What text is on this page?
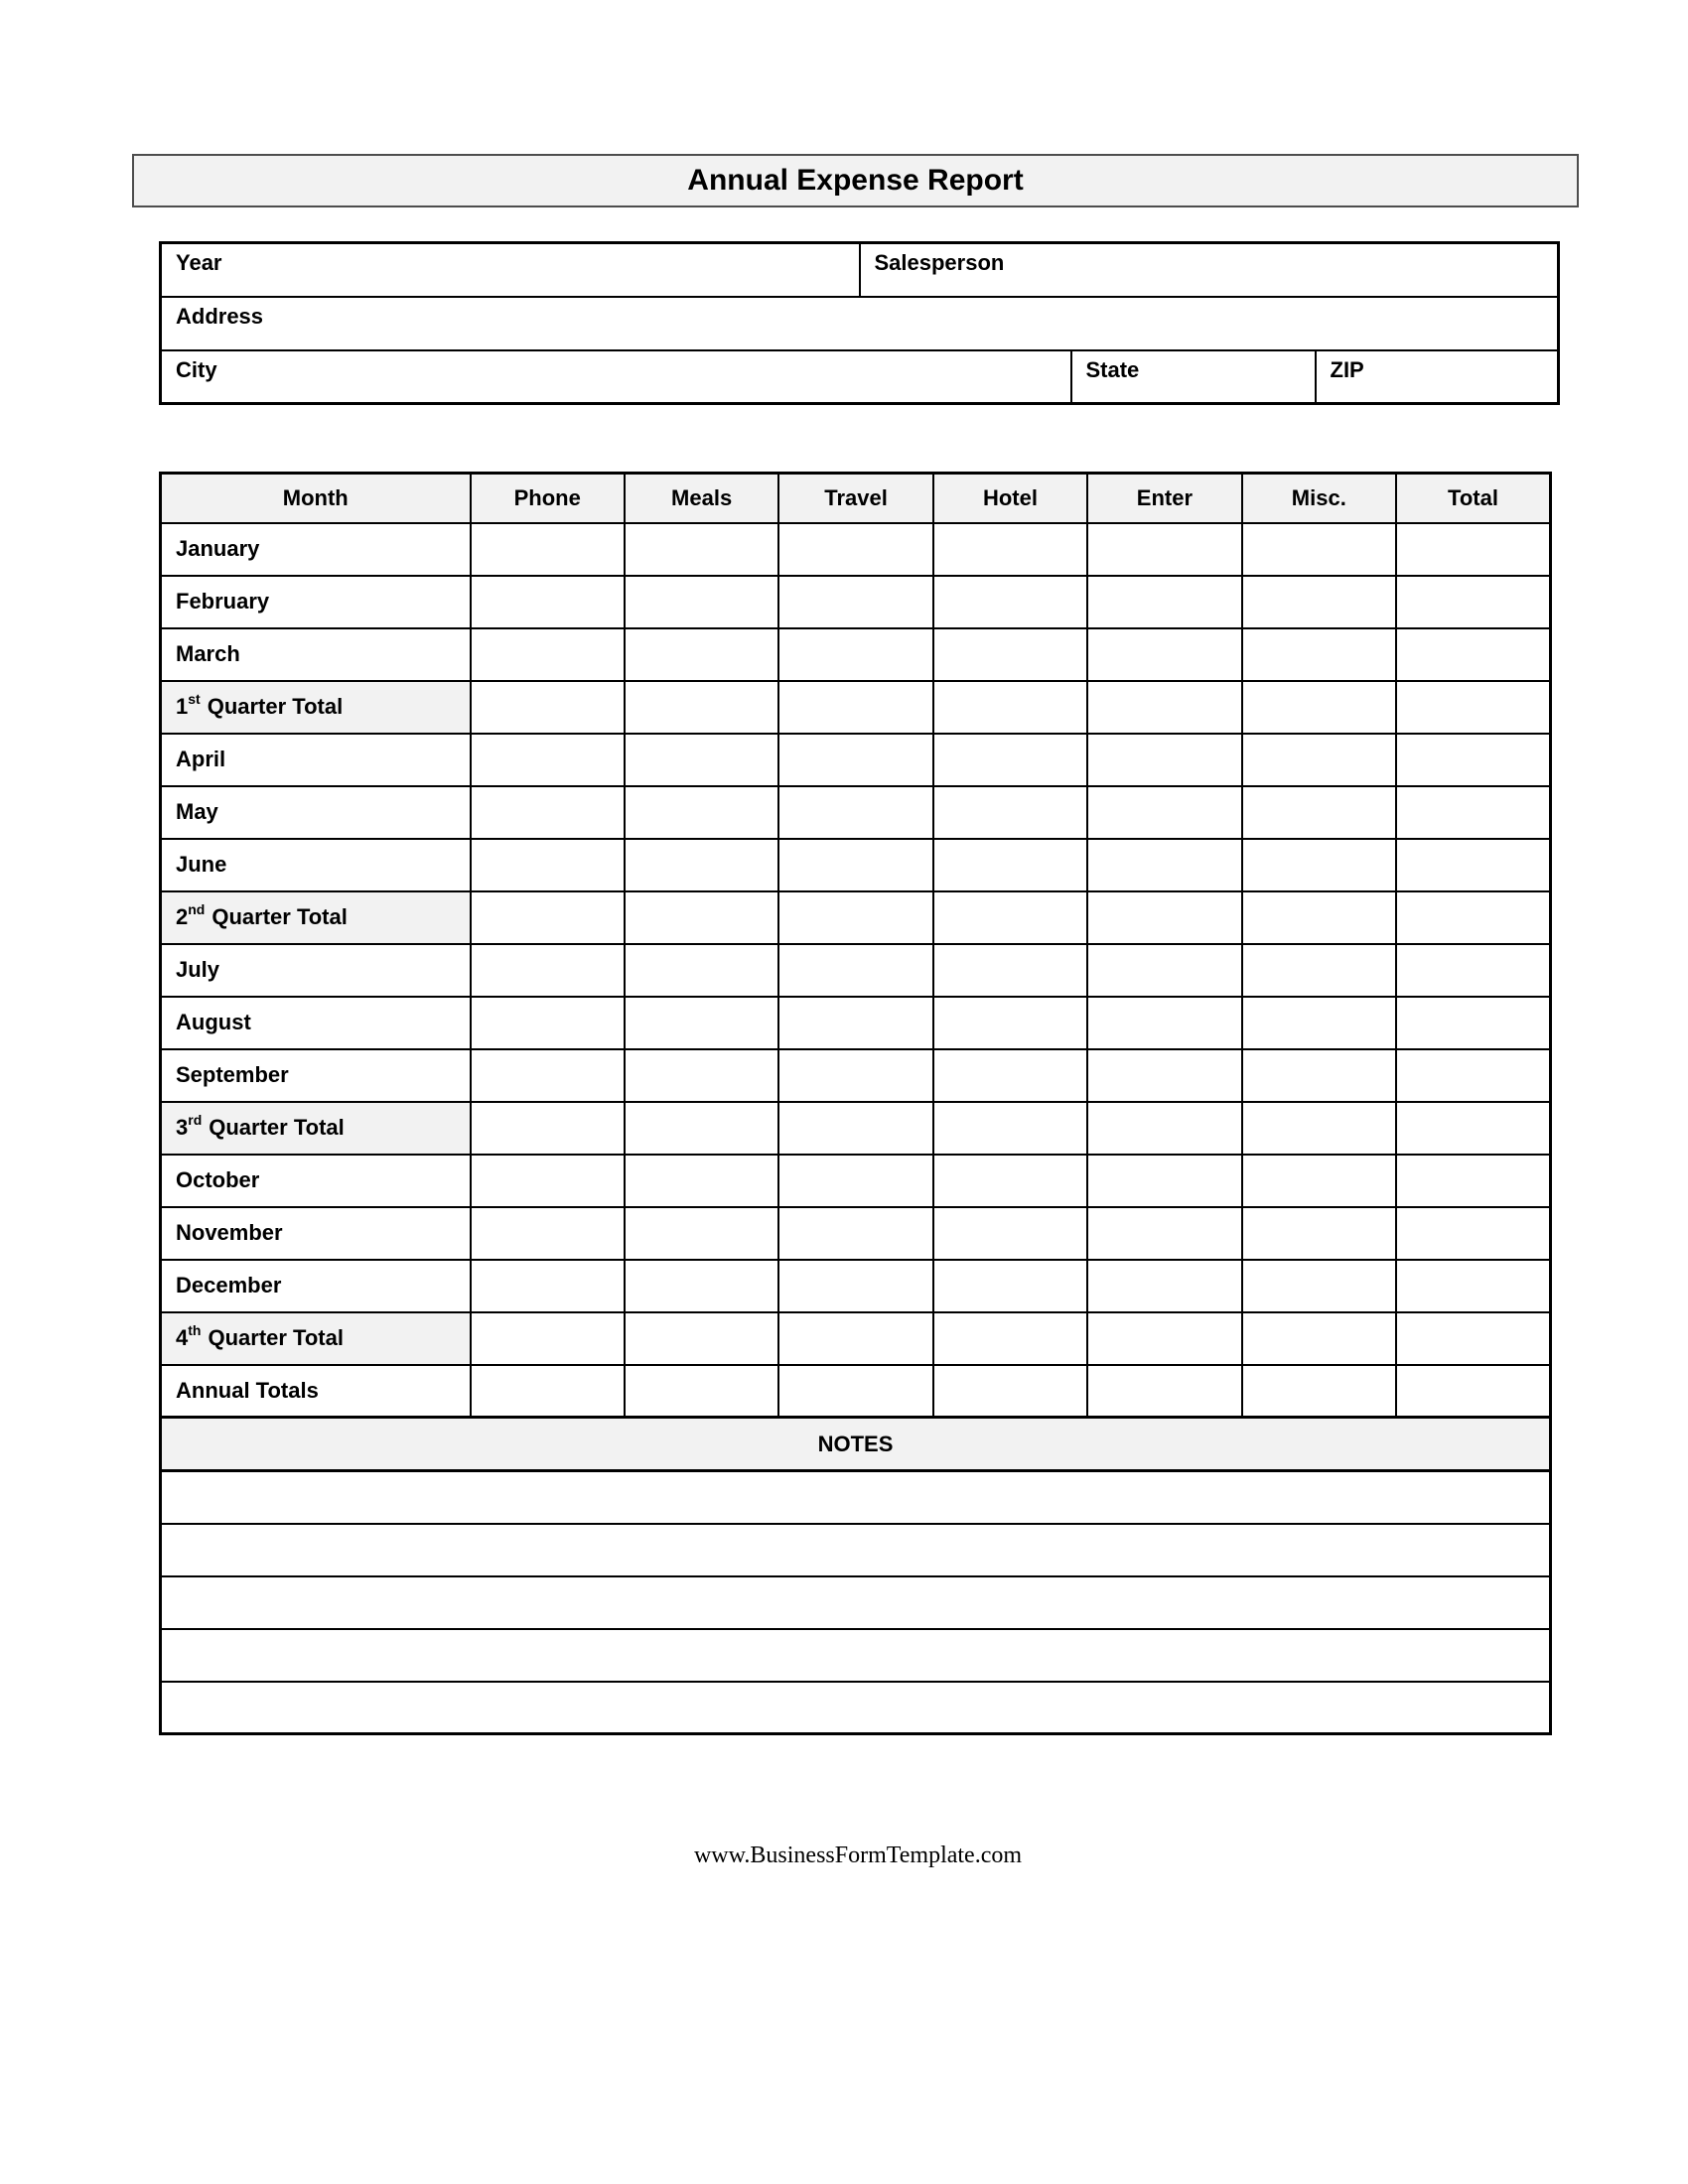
Annual Expense Report
Year	Salesperson		
Address			
City		State	ZIP
Month	Phone	Meals	Travel	Hotel	Enter	Misc.	Total
January							
February							
March							
1st Quarter Total							
April							
May							
June							
2nd Quarter Total							
July							
August							
September							
3rd Quarter Total							
October							
November							
December							
4th Quarter Total							
Annual Totals							
NOTES							

www.BusinessFormTemplate.com
